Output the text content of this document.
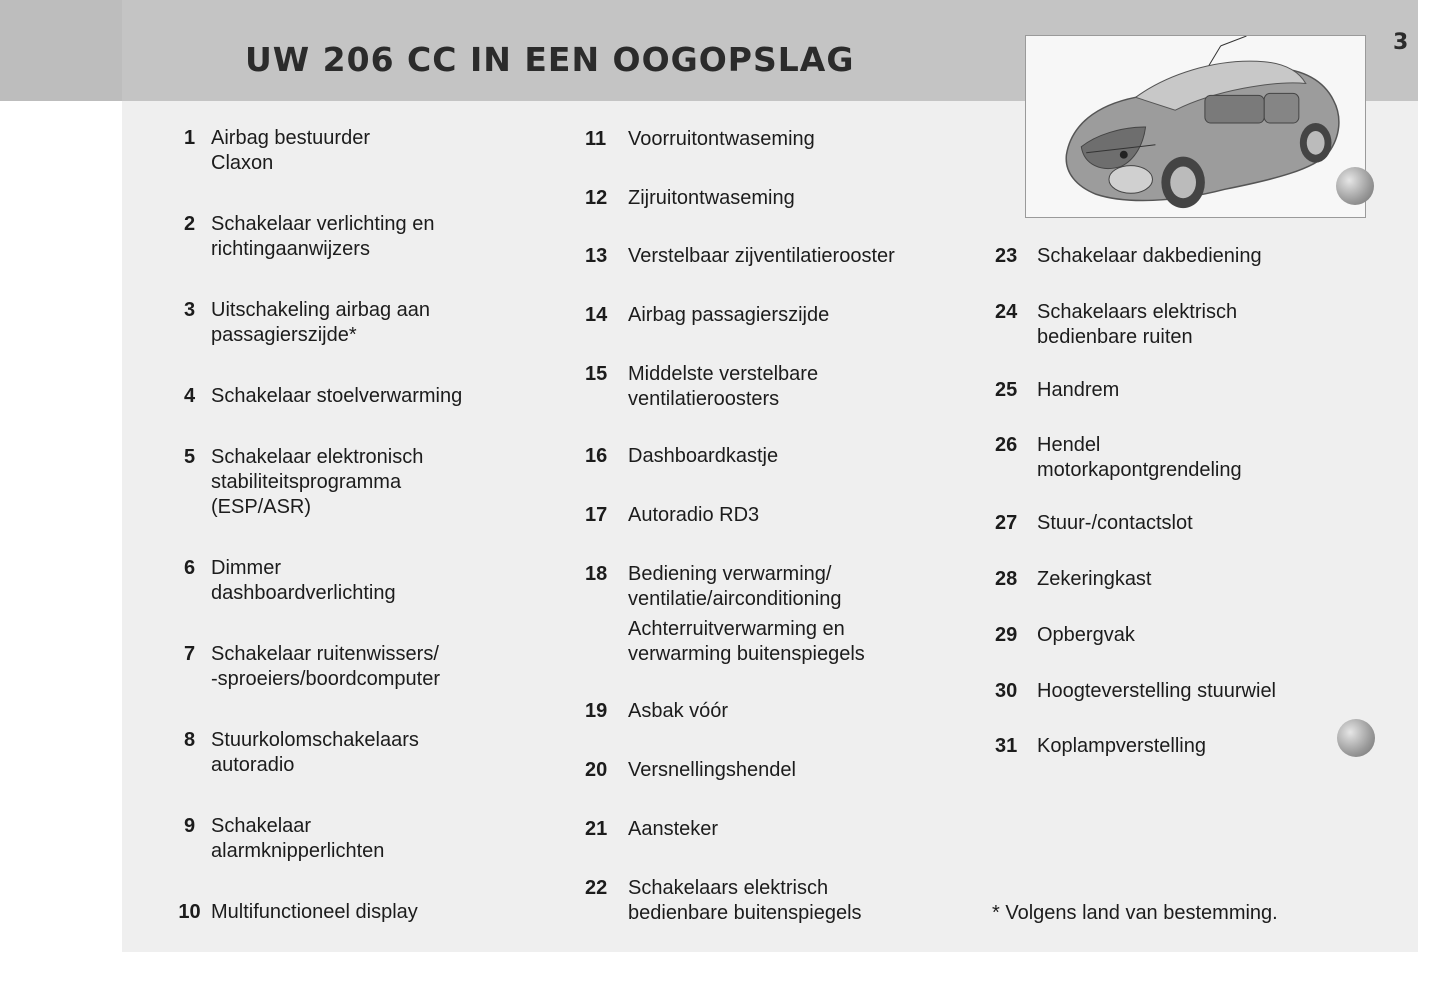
UW 206 CC IN EEN OOGOPSLAG	3
1 Airbag bestuurder
Claxon
2 Schakelaar verlichting en
richtingaanwijzers
3 Uitschakeling airbag aan
passagierszijde*
4 Schakelaar stoelverwarming
5 Schakelaar elektronisch
stabiliteitsprogramma
(ESP/ASR)
6 Dimmer
dashboardverlichting
7 Schakelaar ruitenwissers/
-sproeiers/boordcomputer
8 Stuurkolomschakelaars
autoradio
9 Schakelaar
alarmknipperlichten
10 Multifunctioneel display
11	Voorruitontwaseming
12	Zijruitontwaseming
13	Verstelbaar zijventilatierooster
14	Airbag passagierszijde
15	Middelste verstelbare
ventilatieroosters
16	Dashboardkastje
17	Autoradio RD3
18	Bediening verwarming/
ventilatie/airconditioning
Achterruitverwarming en
verwarming buitenspiegels
19	Asbak vóór
20	Versnellingshendel
21	Aansteker
22	Schakelaars elektrisch
bedienbare buitenspiegels
23 Schakelaar dakbediening
24 Schakelaars elektrisch
bedienbare ruiten
25 Handrem
26 Hendel
motorkapontgrendeling
27 Stuur-/contactslot
28 Zekeringkast
29 Opbergvak
30 Hoogteverstelling stuurwiel
31 Koplampverstelling
* Volgens land van bestemming.
